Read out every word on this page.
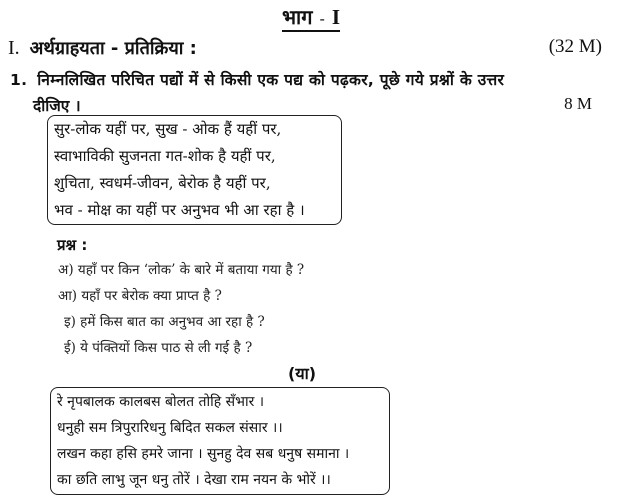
भाग - I
I. अर्थग्राहयता - प्रतिक्रिया :	(32 M)
1. निम्नलिखित परिचित पद्यों में से किसी एक पद्य को पढ़कर, पूछे गये प्रश्नों के उत्तर
दीजिए ।	8 M
सुर-लोक यहीं पर, सुख - ओक हैं यहीं पर,
स्वाभाविकी सुजनता गत-शोक है यहीं पर,
शुचिता, स्वधर्म-जीवन, बेरोक है यहीं पर,
भव - मोक्ष का यहीं पर अनुभव भी आ रहा है ।
प्रश्न :
अ) यहाँ पर किन ‘लोक’ के बारे में बताया गया है ?
आ) यहाँ पर बेरोक क्या प्राप्त है ?
इ) हमें किस बात का अनुभव आ रहा है ?
ई) ये पंक्तियों किस पाठ से ली गई है ?
(या)
रे नृपबालक कालबस बोलत तोहि सँभार ।
धनुही सम त्रिपुरारिधनु बिदित सकल संसार ।।
लखन कहा हसि हमरे जाना । सुनहु देव सब धनुष समाना ।
का छति लाभु जून धनु तोरें । देखा राम नयन के भोरें ।।
